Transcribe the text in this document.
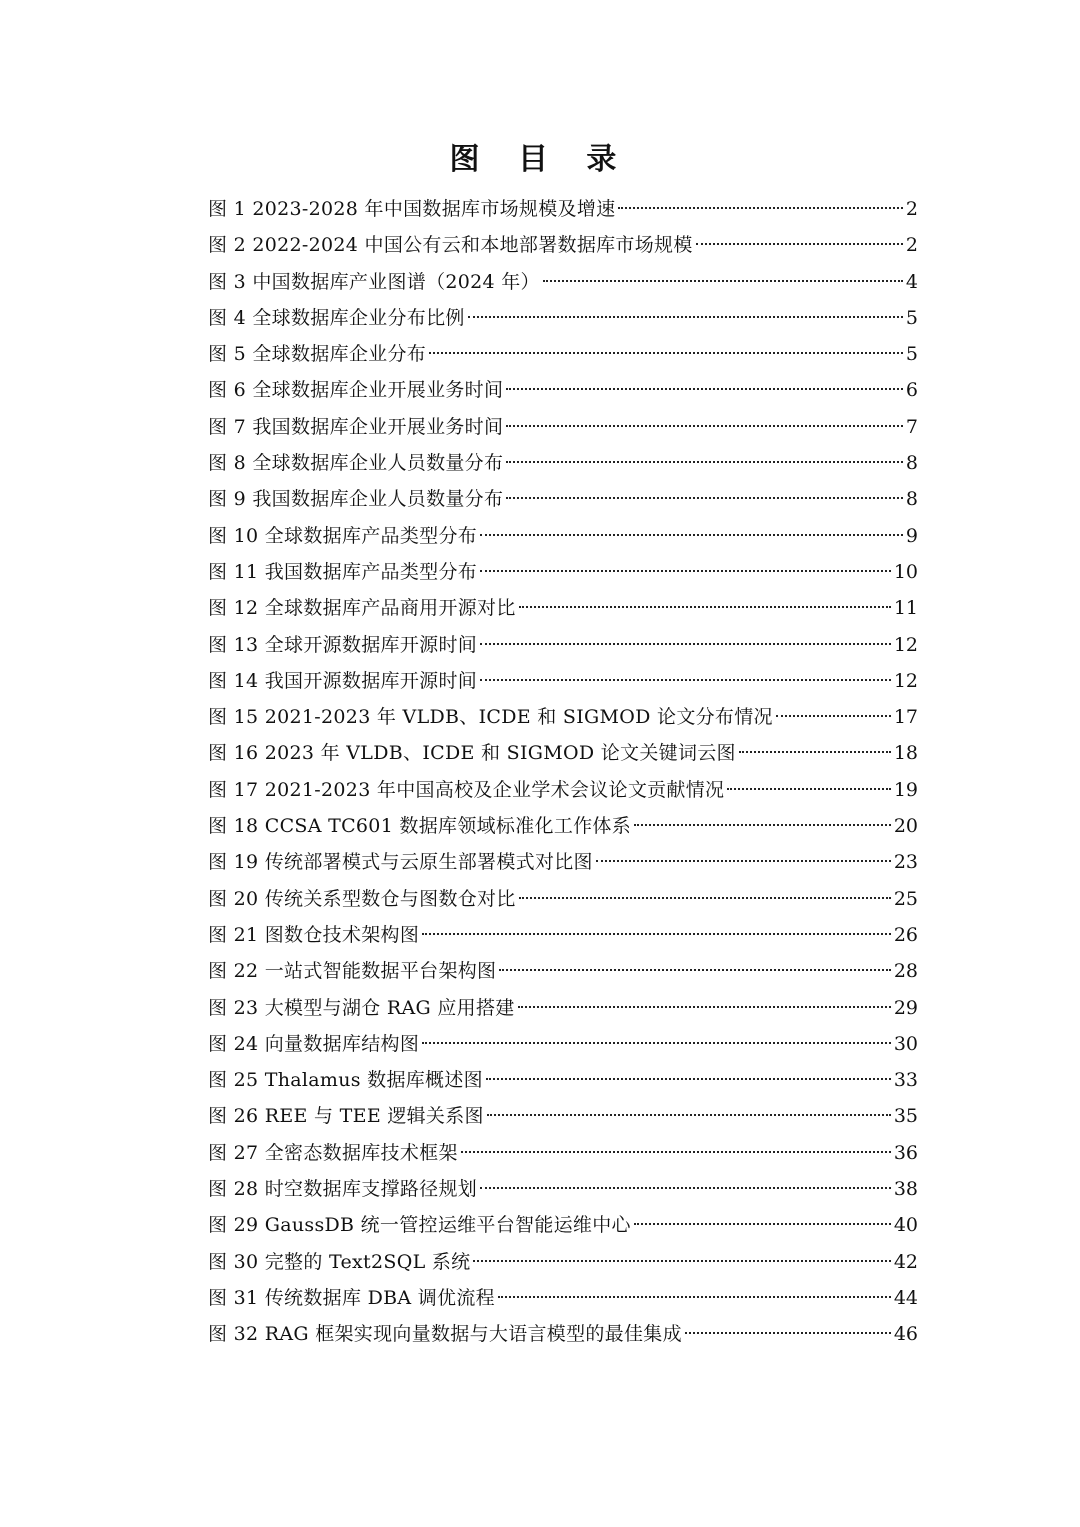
图 目 录
图 1 2023-2028 年中国数据库市场规模及增速	2
图 2 2022-2024 中国公有云和本地部署数据库市场规模	2
图 3 中国数据库产业图谱（2024 年）	4
图 4 全球数据库企业分布比例	5
图 5 全球数据库企业分布	5
图 6 全球数据库企业开展业务时间	6
图 7 我国数据库企业开展业务时间	7
图 8 全球数据库企业人员数量分布	8
图 9 我国数据库企业人员数量分布	8
图 10 全球数据库产品类型分布	9
图 11 我国数据库产品类型分布	10
图 12 全球数据库产品商用开源对比	11
图 13 全球开源数据库开源时间	12
图 14 我国开源数据库开源时间	12
图 15 2021-2023 年 VLDB、ICDE 和 SIGMOD 论文分布情况	17
图 16 2023 年 VLDB、ICDE 和 SIGMOD 论文关键词云图	18
图 17 2021-2023 年中国高校及企业学术会议论文贡献情况	19
图 18 CCSA TC601 数据库领域标准化工作体系	20
图 19 传统部署模式与云原生部署模式对比图	23
图 20 传统关系型数仓与图数仓对比	25
图 21 图数仓技术架构图	26
图 22 一站式智能数据平台架构图	28
图 23 大模型与湖仓 RAG 应用搭建	29
图 24 向量数据库结构图	30
图 25 Thalamus 数据库概述图	33
图 26 REE 与 TEE 逻辑关系图	35
图 27 全密态数据库技术框架	36
图 28 时空数据库支撑路径规划	38
图 29 GaussDB 统一管控运维平台智能运维中心	40
图 30 完整的 Text2SQL 系统	42
图 31 传统数据库 DBA 调优流程	44
图 32 RAG 框架实现向量数据与大语言模型的最佳集成	46
